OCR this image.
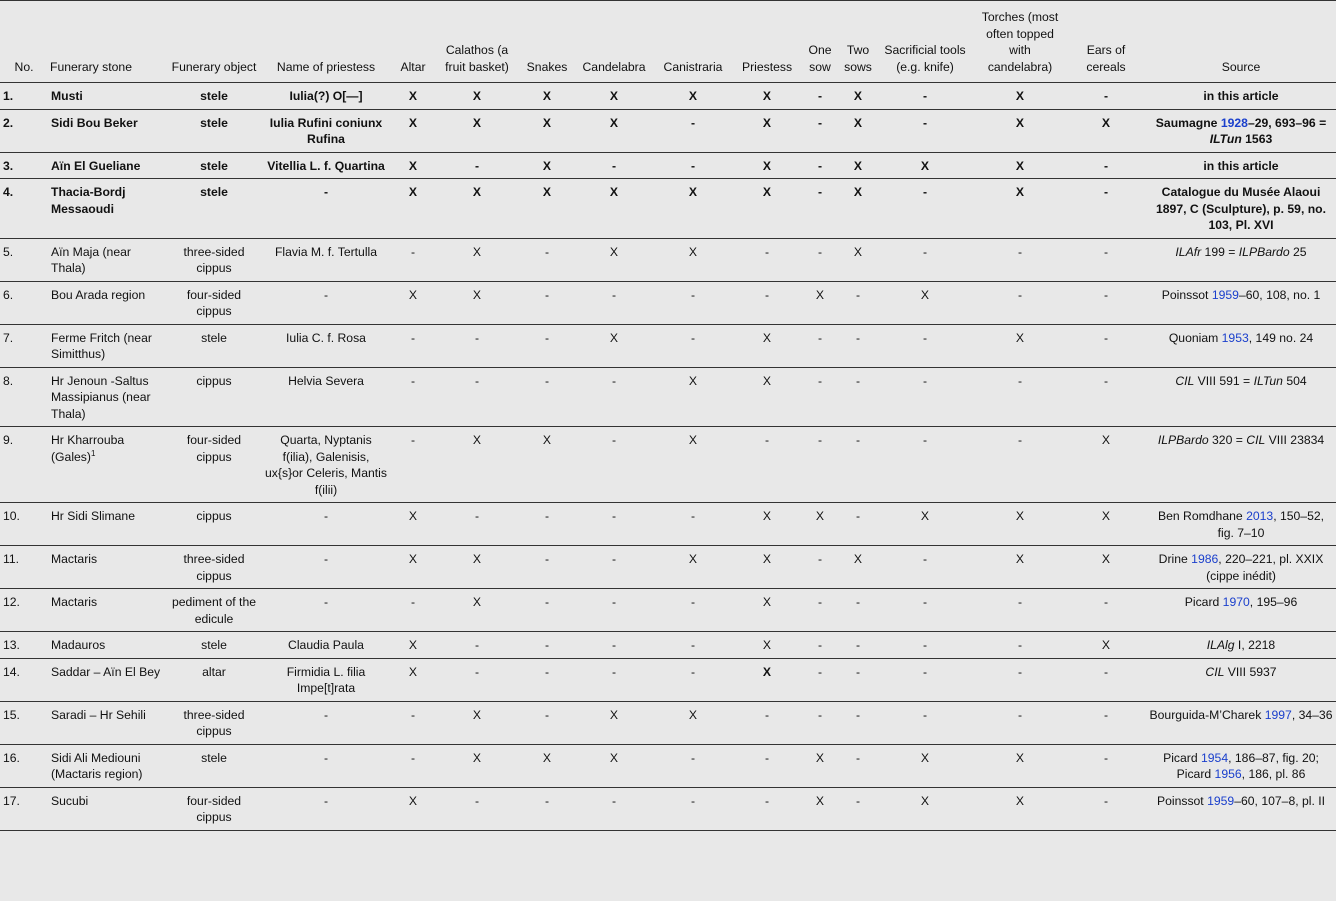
No.	Funerary stone	Funerary object	Name of priestess	Altar	Calathos (a fruit basket)	Snakes	Candelabra	Canistraria	Priestess	One sow	Two sows	Sacrificial tools (e.g. knife)	Torches (most often topped with candelabra)	Ears of cereals	Source
1.	Musti	stele	Iulia(?) O[—]	X	X	X	X	X	X	-	X	-	X	-	in this article
2.	Sidi Bou Beker	stele	Iulia Rufini coniunx Rufina	X	X	X	X	-	X	-	X	-	X	X	Saumagne 1928–29, 693–96 = ILTun 1563
3.	Aïn El Gueliane	stele	Vitellia L. f. Quartina	X	-	X	-	-	X	-	X	X	X	-	in this article
4.	Thacia-Bordj Messaoudi	stele	-	X	X	X	X	X	X	-	X	-	X	-	Catalogue du Musée Alaoui 1897, C (Sculpture), p. 59, no. 103, Pl. XVI
5.	Aïn Maja (near Thala)	three-sided cippus	Flavia M. f. Tertulla	-	X	-	X	X	-	-	X	-	-	-	ILAfr 199 = ILPBardo 25
6.	Bou Arada region	four-sided cippus	-	X	X	-	-	-	-	X	-	X	-	-	Poinssot 1959–60, 108, no. 1
7.	Ferme Fritch (near Simitthus)	stele	Iulia C. f. Rosa	-	-	-	X	-	X	-	-	-	X	-	Quoniam 1953, 149 no. 24
8.	Hr Jenoun -Saltus Massipianus (near Thala)	cippus	Helvia Severa	-	-	-	-	X	X	-	-	-	-	-	CIL VIII 591 = ILTun 504
9.	Hr Kharrouba (Gales)$^1$	four-sided cippus	Quarta, Nyptanis f(ilia), Galenisis, ux{s}or Celeris, Mantis f(ilii)	-	X	X	-	X	-	-	-	-	-	X	ILPBardo 320 = CIL VIII 23834
10.	Hr Sidi Slimane	cippus	-	X	-	-	-	-	X	X	-	X	X	X	Ben Romdhane 2013, 150–52, fig. 7–10
11.	Mactaris	three-sided cippus	-	X	X	-	-	X	X	-	X	-	X	X	Drine 1986, 220–221, pl. XXIX (cippe inédit)
12.	Mactaris	pediment of the edicule	-	-	X	-	-	-	X	-	-	-	-	-	Picard 1970, 195–96
13.	Madauros	stele	Claudia Paula	X	-	-	-	-	X	-	-	-	-	X	ILAlg I, 2218
14.	Saddar – Aïn El Bey	altar	Firmidia L. filia Impe[t]rata	X	-	-	-	-	X	-	-	-	-	-	CIL VIII 5937
15.	Saradi – Hr Sehili	three-sided cippus	-	-	X	-	X	X	-	-	-	-	-	-	Bourguida-M’Charek 1997, 34–36
16.	Sidi Ali Mediouni (Mactaris region)	stele	-	-	X	X	X	-	-	X	-	X	X	-	Picard 1954, 186–87, fig. 20; Picard 1956, 186, pl. 86
17.	Sucubi	four-sided cippus	-	X	-	-	-	-	-	X	-	X	X	-	Poinssot 1959–60, 107–8, pl. II
